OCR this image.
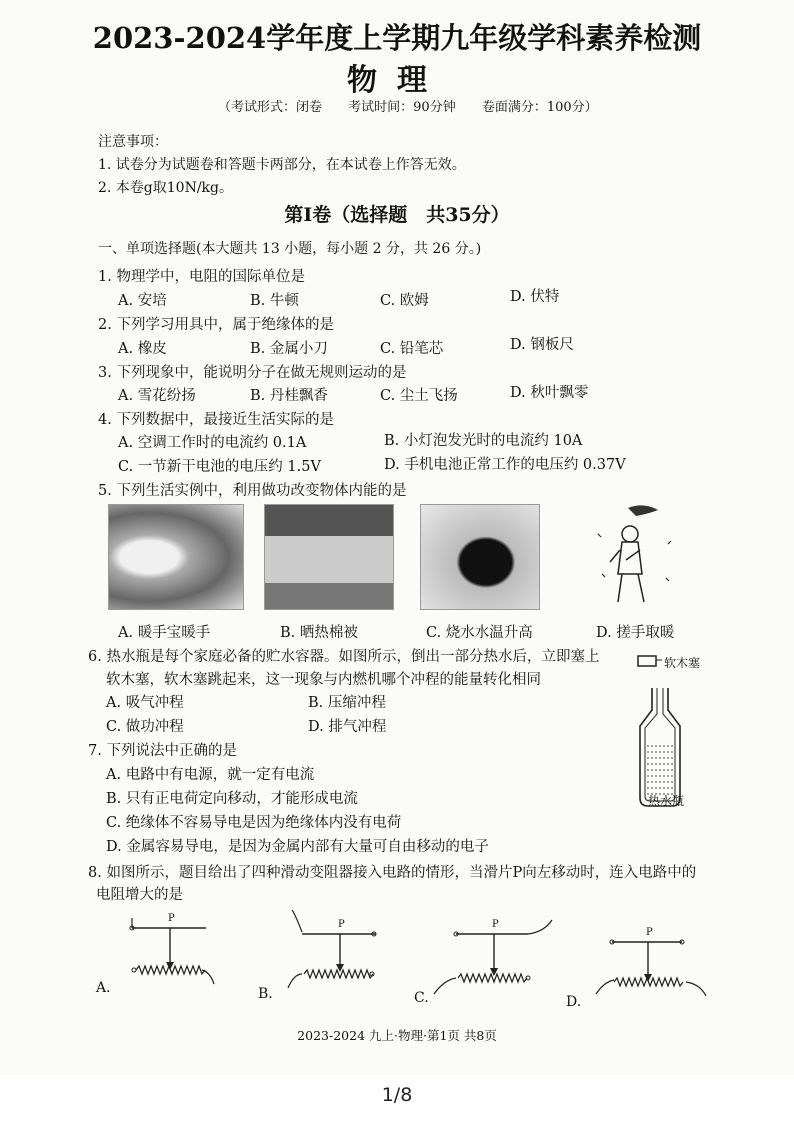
2023-2024学年度上学期九年级学科素养检测
物理
（考试形式：闭卷 考试时间：90分钟 卷面满分：100分）
注意事项：
1. 试卷分为试题卷和答题卡两部分，在本试卷上作答无效。
2. 本卷g取10N/kg。
第Ⅰ卷（选择题　共35分）
一、单项选择题(本大题共 13 小题，每小题 2 分，共 26 分。)
1. 物理学中，电阻的国际单位是
A. 安培	B. 牛顿	C. 欧姆	D. 伏特
2. 下列学习用具中，属于绝缘体的是
A. 橡皮	B. 金属小刀	C. 铅笔芯	D. 钢板尺
3. 下列现象中，能说明分子在做无规则运动的是
A. 雪花纷扬	B. 丹桂飘香	C. 尘土飞扬	D. 秋叶飘零
4. 下列数据中，最接近生活实际的是
A. 空调工作时的电流约 0.1A	B. 小灯泡发光时的电流约 10A
C. 一节新干电池的电压约 1.5V	D. 手机电池正常工作的电压约 0.37V
5. 下列生活实例中，利用做功改变物体内能的是
A. 暖手宝暖手	B. 晒热棉被	C. 烧水水温升高	D. 搓手取暖
6. 热水瓶是每个家庭必备的贮水容器。如图所示，倒出一部分热水后，立即塞上
软木塞，软木塞跳起来，这一现象与内燃机哪个冲程的能量转化相同
A. 吸气冲程	B. 压缩冲程
C. 做功冲程	D. 排气冲程
软木塞
热水瓶
7. 下列说法中正确的是
A. 电路中有电源，就一定有电流
B. 只有正电荷定向移动，才能形成电流
C. 绝缘体不容易导电是因为绝缘体内没有电荷
D. 金属容易导电，是因为金属内部有大量可自由移动的电子
8. 如图所示，题目给出了四种滑动变阻器接入电路的情形，当滑片P向左移动时，连入电路中的
电阻增大的是
P
P	P
P
A.	B.	C.	D.
2023-2024 九上·物理·第1页 共8页
1/8
